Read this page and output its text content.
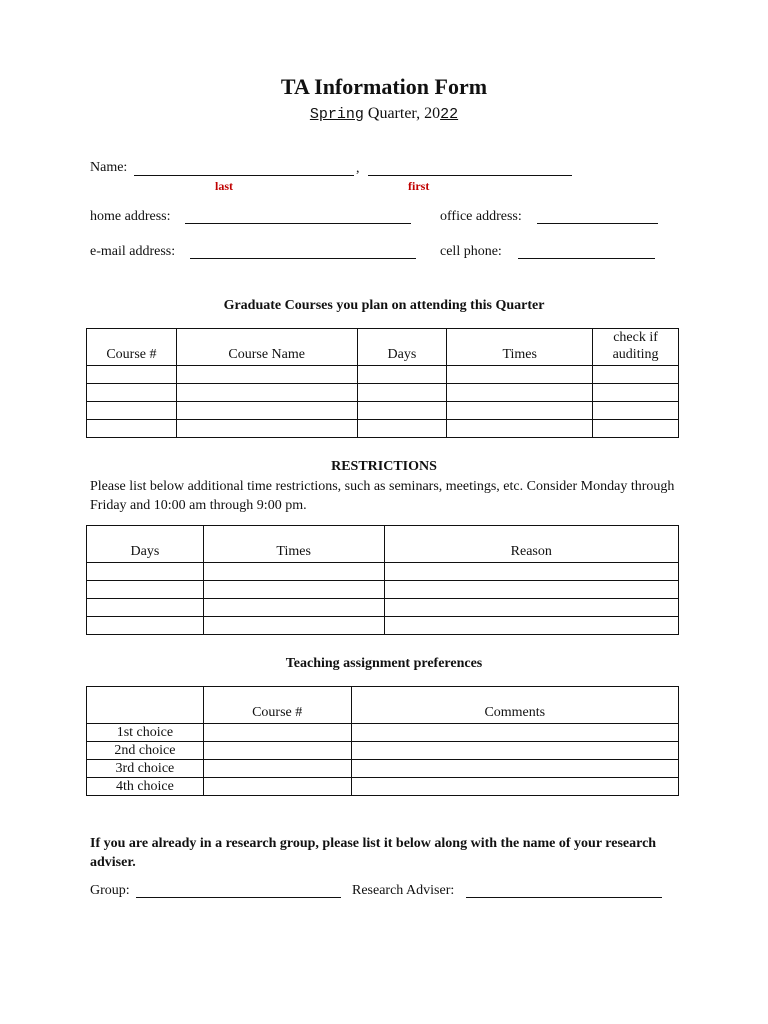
TA Information Form
Spring Quarter, 2022
Name:	,
last	first
home address:	office address:
e-mail address:	cell phone:
Graduate Courses you plan on attending this Quarter
Course #	Course Name	Days	Times	check if auditing

RESTRICTIONS
Please list below additional time restrictions, such as seminars, meetings, etc. Consider Monday through Friday and 10:00 am through 9:00 pm.
Days	Times	Reason

Teaching assignment preferences
	Course #	Comments
1st choice		
2nd choice		
3rd choice		
4th choice		
If you are already in a research group, please list it below along with the name of your research adviser.
Group:	Research Adviser:
